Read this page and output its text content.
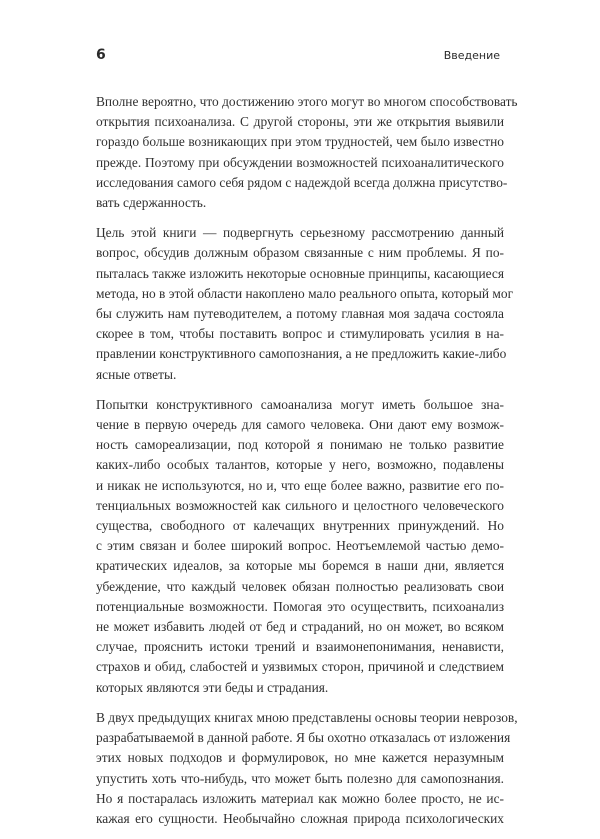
6	Введение

Вполне вероятно, что достижению этого могут во многом способствовать
открытия психоанализа. С другой стороны, эти же открытия выявили
гораздо больше возникающих при этом трудностей, чем было известно
прежде. Поэтому при обсуждении возможностей психоаналитического
исследования самого себя рядом с надеждой всегда должна присутство-
вать сдержанность.

Цель этой книги — подвергнуть серьезному рассмотрению данный
вопрос, обсудив должным образом связанные с ним проблемы. Я по-
пыталась также изложить некоторые основные принципы, касающиеся
метода, но в этой области накоплено мало реального опыта, который мог
бы служить нам путеводителем, а потому главная моя задача состояла
скорее в том, чтобы поставить вопрос и стимулировать усилия в на-
правлении конструктивного самопознания, а не предложить какие-либо
ясные ответы.

Попытки конструктивного самоанализа могут иметь большое зна-
чение в первую очередь для самого человека. Они дают ему возмож-
ность самореализации, под которой я понимаю не только развитие
каких-либо особых талантов, которые у него, возможно, подавлены
и никак не используются, но и, что еще более важно, развитие его по-
тенциальных возможностей как сильного и целостного человеческого
существа, свободного от калечащих внутренних принуждений. Но
с этим связан и более широкий вопрос. Неотъемлемой частью демо-
кратических идеалов, за которые мы боремся в наши дни, является
убеждение, что каждый человек обязан полностью реализовать свои
потенциальные возможности. Помогая это осуществить, психоанализ
не может избавить людей от бед и страданий, но он может, во всяком
случае, прояснить истоки трений и взаимонепонимания, ненависти,
страхов и обид, слабостей и уязвимых сторон, причиной и следствием
которых являются эти беды и страдания.

В двух предыдущих книгах мною представлены основы теории неврозов,
разрабатываемой в данной работе. Я бы охотно отказалась от изложения
этих новых подходов и формулировок, но мне кажется неразумным
упустить хоть что-нибудь, что может быть полезно для самопознания.
Но я постаралась изложить материал как можно более просто, не ис-
кажая его сущности. Необычайно сложная природа психологических
